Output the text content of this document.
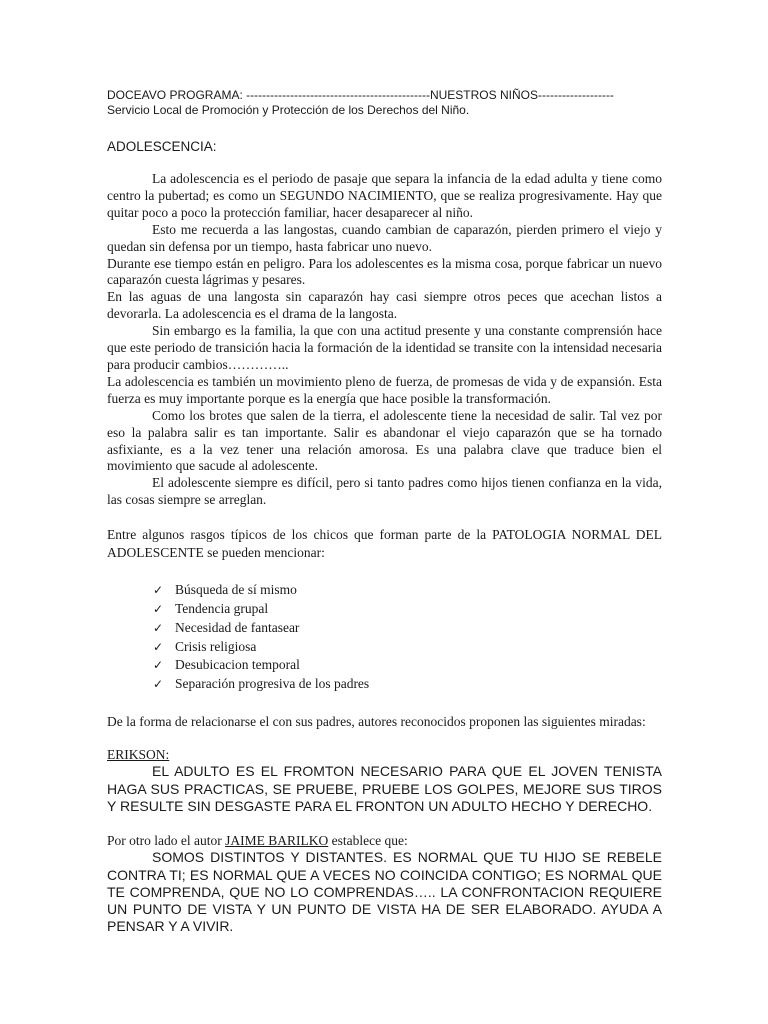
DOCEAVO PROGRAMA: ----------------------------------------------NUESTROS NIÑOS-------------------

Servicio Local de Promoción y Protección de los Derechos del Niño.

ADOLESCENCIA:

La adolescencia es el periodo de pasaje que separa la infancia de la edad adulta y tiene como centro la pubertad; es como un SEGUNDO NACIMIENTO, que se realiza progresivamente. Hay que quitar poco a poco la protección familiar, hacer desaparecer al niño.

Esto me recuerda a las langostas, cuando cambian de caparazón, pierden primero el viejo y quedan sin defensa por un tiempo, hasta fabricar uno nuevo.

Durante ese tiempo están en peligro. Para los adolescentes es la misma cosa, porque fabricar un nuevo caparazón cuesta lágrimas y pesares.

En las aguas de una langosta sin caparazón hay casi siempre otros peces que acechan listos a devorarla. La adolescencia es el drama de la langosta.

Sin embargo es la familia, la que con una actitud presente y una constante comprensión hace que este periodo de transición hacia la formación de la identidad se transite con la intensidad necesaria para producir cambios…………..

La adolescencia es también un movimiento pleno de fuerza, de promesas de vida y de expansión. Esta fuerza es muy importante porque es la energía que hace posible la transformación.

Como los brotes que salen de la tierra, el adolescente tiene la necesidad de salir. Tal vez por eso la palabra salir es tan importante. Salir es abandonar el viejo caparazón que se ha tornado asfixiante, es a la vez tener una relación amorosa. Es una palabra clave que traduce bien el movimiento que sacude al adolescente.

El adolescente siempre es difícil, pero si tanto padres como hijos tienen confianza en la vida, las cosas siempre se arreglan.

Entre algunos rasgos típicos de los chicos que forman parte de la PATOLOGIA NORMAL DEL ADOLESCENTE se pueden mencionar:

✓ Búsqueda de sí mismo
✓ Tendencia grupal
✓ Necesidad de fantasear
✓ Crisis religiosa
✓ Desubicacion temporal
✓ Separación progresiva de los padres

De la forma de relacionarse el con sus padres, autores reconocidos proponen las siguientes miradas:

ERIKSON:

EL ADULTO ES EL FROMTON NECESARIO PARA QUE EL JOVEN TENISTA HAGA SUS PRACTICAS, SE PRUEBE, PRUEBE LOS GOLPES, MEJORE SUS TIROS Y RESULTE SIN DESGASTE PARA EL FRONTON UN ADULTO HECHO Y DERECHO.

Por otro lado el autor JAIME BARILKO establece que:

SOMOS DISTINTOS Y DISTANTES. ES NORMAL QUE TU HIJO SE REBELE CONTRA TI; ES NORMAL QUE A VECES NO COINCIDA CONTIGO; ES NORMAL QUE TE COMPRENDA, QUE NO LO COMPRENDAS….. LA CONFRONTACION REQUIERE UN PUNTO DE VISTA Y UN PUNTO DE VISTA HA DE SER ELABORADO. AYUDA A PENSAR Y A VIVIR.
